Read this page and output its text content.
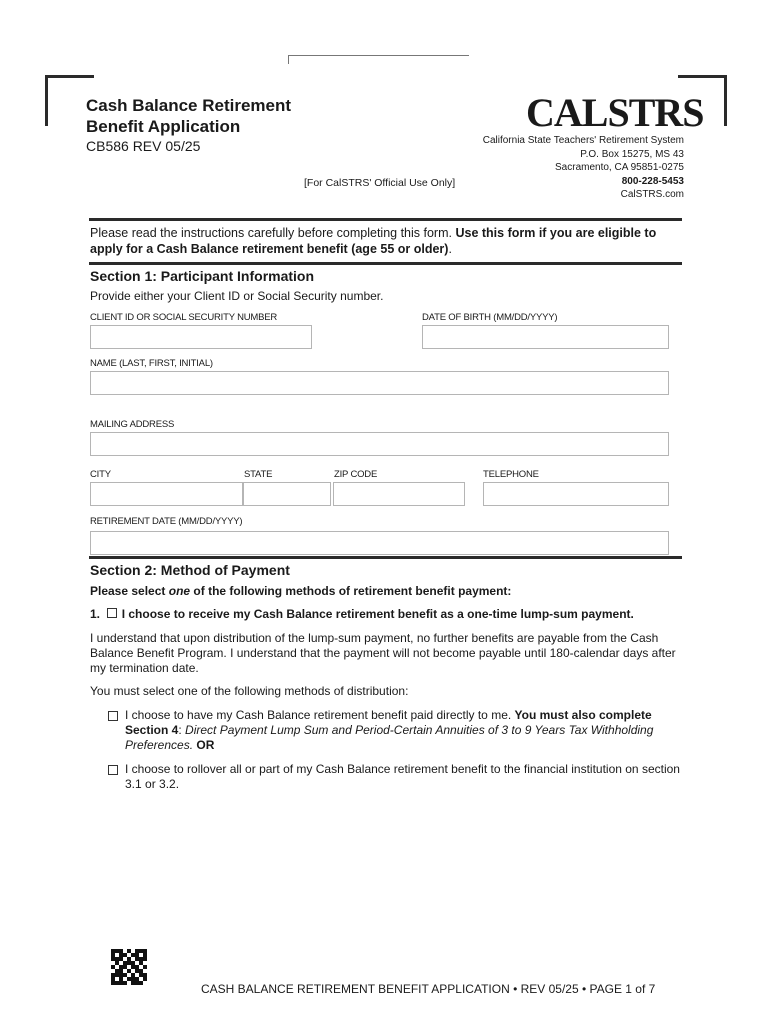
Cash Balance Retirement
Benefit Application
CB586 REV 05/25
[For CalSTRS' Official Use Only]
CALSTRS
California State Teachers' Retirement System
P.O. Box 15275, MS 43
Sacramento, CA 95851-0275
800-228-5453
CalSTRS.com
Please read the instructions carefully before completing this form. Use this form if you are eligible to apply for a Cash Balance retirement benefit (age 55 or older).
Section 1: Participant Information
Provide either your Client ID or Social Security number.
CLIENT ID OR SOCIAL SECURITY NUMBER	DATE OF BIRTH (MM/DD/YYYY)
NAME (LAST, FIRST, INITIAL)
MAILING ADDRESS
CITY	STATE	ZIP CODE	TELEPHONE
RETIREMENT DATE (MM/DD/YYYY)
Section 2: Method of Payment
Please select one of the following methods of retirement benefit payment:
1. I choose to receive my Cash Balance retirement benefit as a one-time lump-sum payment.
I understand that upon distribution of the lump-sum payment, no further benefits are payable from the Cash Balance Benefit Program. I understand that the payment will not become payable until 180-calendar days after my termination date.
You must select one of the following methods of distribution:
I choose to have my Cash Balance retirement benefit paid directly to me. You must also complete Section 4: Direct Payment Lump Sum and Period-Certain Annuities of 3 to 9 Years Tax Withholding Preferences. OR
I choose to rollover all or part of my Cash Balance retirement benefit to the financial institution on section 3.1 or 3.2.
CASH BALANCE RETIREMENT BENEFIT APPLICATION • REV 05/25 • PAGE 1 of 7
